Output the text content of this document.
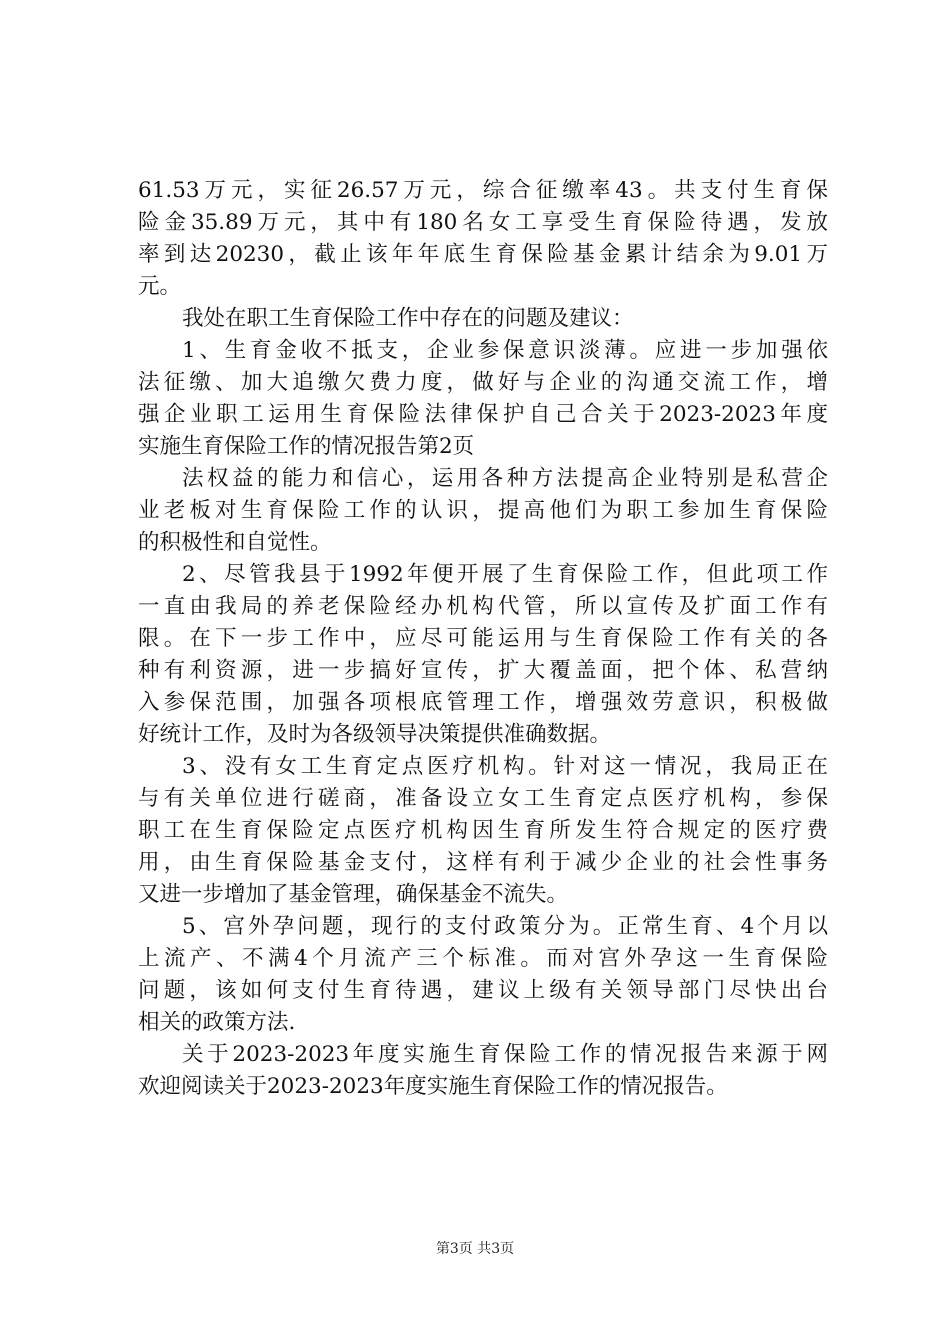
61.53万元，实征26.57万元，综合征缴率43。共支付生育保
险金35.89万元，其中有180名女工享受生育保险待遇，发放
率到达20230，截止该年年底生育保险基金累计结余为9.01万
元。
我处在职工生育保险工作中存在的问题及建议：
1、生育金收不抵支，企业参保意识淡薄。应进一步加强依
法征缴、加大追缴欠费力度，做好与企业的沟通交流工作，增
强企业职工运用生育保险法律保护自己合关于2023-2023年度
实施生育保险工作的情况报告第2页
法权益的能力和信心，运用各种方法提高企业特别是私营企
业老板对生育保险工作的认识，提高他们为职工参加生育保险
的积极性和自觉性。
2、尽管我县于1992年便开展了生育保险工作，但此项工作
一直由我局的养老保险经办机构代管，所以宣传及扩面工作有
限。在下一步工作中，应尽可能运用与生育保险工作有关的各
种有利资源，进一步搞好宣传，扩大覆盖面，把个体、私营纳
入参保范围，加强各项根底管理工作，增强效劳意识，积极做
好统计工作，及时为各级领导决策提供准确数据。
3、没有女工生育定点医疗机构。针对这一情况，我局正在
与有关单位进行磋商，准备设立女工生育定点医疗机构，参保
职工在生育保险定点医疗机构因生育所发生符合规定的医疗费
用，由生育保险基金支付，这样有利于减少企业的社会性事务
又进一步增加了基金管理，确保基金不流失。
5、宫外孕问题，现行的支付政策分为。正常生育、4个月以
上流产、不满4个月流产三个标准。而对宫外孕这一生育保险
问题，该如何支付生育待遇，建议上级有关领导部门尽快出台
相关的政策方法.
关于2023-2023年度实施生育保险工作的情况报告来源于网
欢迎阅读关于2023-2023年度实施生育保险工作的情况报告。
第3页 共3页
